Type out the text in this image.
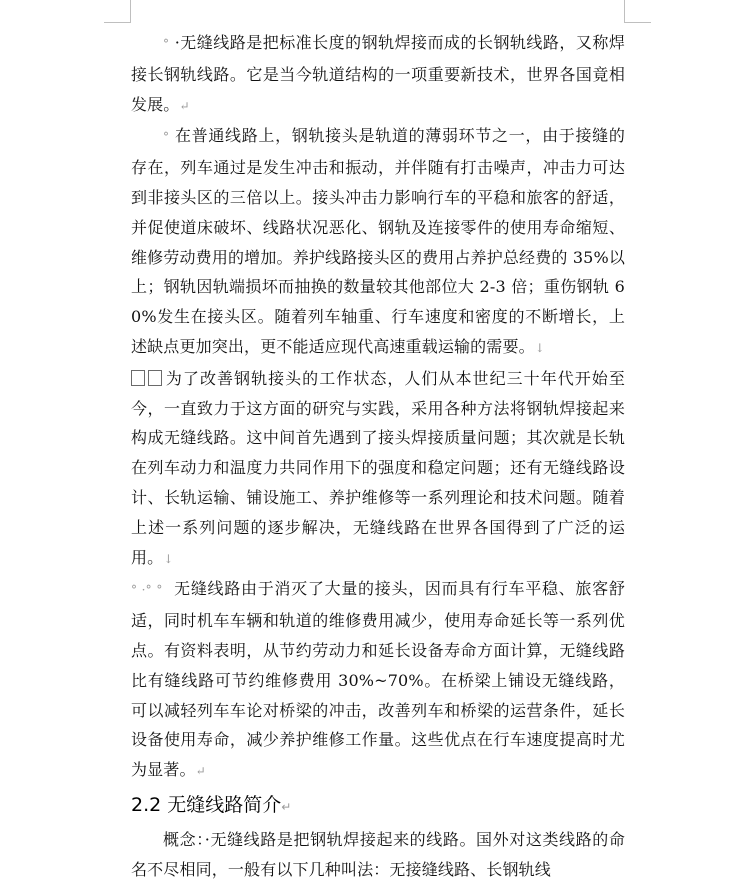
° ·无缝线路是把标准长度的钢轨焊接而成的长钢轨线路，又称焊接长钢轨线路。它是当今轨道结构的一项重要新技术，世界各国竟相发展。↵

° 在普通线路上，钢轨接头是轨道的薄弱环节之一，由于接缝的存在，列车通过是发生冲击和振动，并伴随有打击噪声，冲击力可达到非接头区的三倍以上。接头冲击力影响行车的平稳和旅客的舒适，并促使道床破坏、线路状况恶化、钢轨及连接零件的使用寿命缩短、维修劳动费用的增加。养护线路接头区的费用占养护总经费的 35%以上；钢轨因轨端损坏而抽换的数量较其他部位大 2-3 倍；重伤钢轨 60%发生在接头区。随着列车轴重、行车速度和密度的不断增长，上述缺点更加突出，更不能适应现代高速重载运输的需要。↓

为了改善钢轨接头的工作状态，人们从本世纪三十年代开始至今，一直致力于这方面的研究与实践，采用各种方法将钢轨焊接起来构成无缝线路。这中间首先遇到了接头焊接质量问题；其次就是长轨在列车动力和温度力共同作用下的强度和稳定问题；还有无缝线路设计、长轨运输、铺设施工、养护维修等一系列理论和技术问题。随着上述一系列问题的逐步解决，无缝线路在世界各国得到了广泛的运用。↓

° ·° ° 无缝线路由于消灭了大量的接头，因而具有行车平稳、旅客舒适，同时机车车辆和轨道的维修费用减少，使用寿命延长等一系列优点。有资料表明，从节约劳动力和延长设备寿命方面计算，无缝线路比有缝线路可节约维修费用 30%~70%。在桥梁上铺设无缝线路，可以减轻列车车论对桥梁的冲击，改善列车和桥梁的运营条件，延长设备使用寿命，减少养护维修工作量。这些优点在行车速度提高时尤为显著。↵

2.2 无缝线路简介↵

概念：·无缝线路是把钢轨焊接起来的线路。国外对这类线路的命名不尽相同，一般有以下几种叫法：无接缝线路、长钢轨线
